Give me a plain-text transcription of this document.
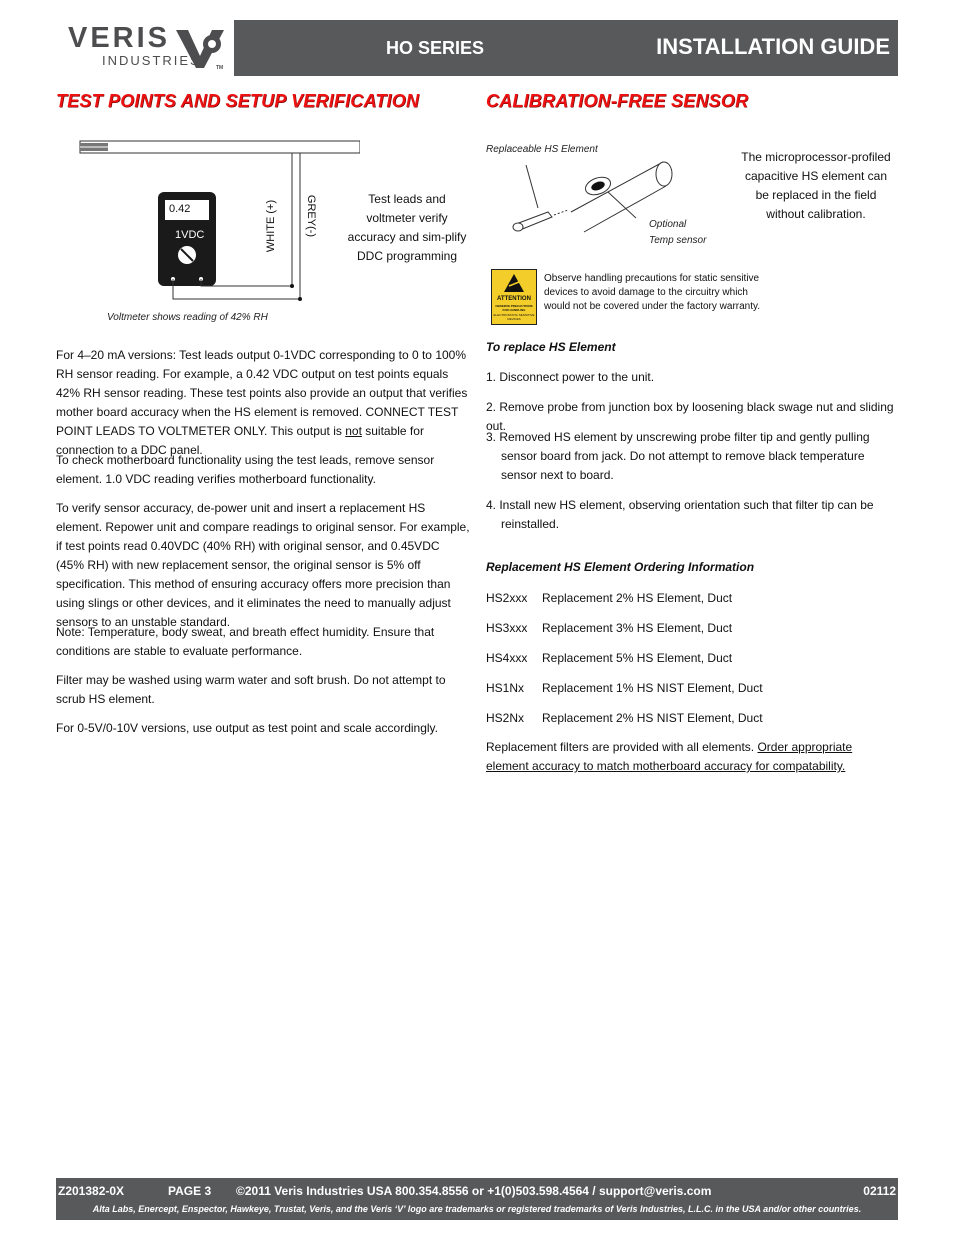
VERIS
INDUSTRIES	TM
HO SERIES	INSTALLATION GUIDE
TEST POINTS AND SETUP VERIFICATION	CALIBRATION-FREE SENSOR
0.42
1VDC	WHITE (+)	GREY(-)	Test leads and voltmeter verify accuracy and sim-plify DDC programming
Voltmeter shows reading of 42% RH
For 4–20 mA versions: Test leads output 0-1VDC corresponding to 0 to 100% RH sensor reading. For example, a 0.42 VDC output on test points equals 42% RH sensor reading. These test points also provide an output that verifies mother board accuracy when the HS element is removed. CONNECT TEST POINT LEADS TO VOLTMETER ONLY. This output is not suitable for connection to a DDC panel.
To check motherboard functionality using the test leads, remove sensor element. 1.0 VDC reading verifies motherboard functionality.
To verify sensor accuracy, de-power unit and insert a replacement HS element. Repower unit and compare readings to original sensor. For example, if test points read 0.40VDC (40% RH) with original sensor, and 0.45VDC (45% RH) with new replacement sensor, the original sensor is 5% off specification. This method of ensuring accuracy offers more precision than using slings or other devices, and it eliminates the need to manually adjust sensors to an unstable standard.
Note: Temperature, body sweat, and breath effect humidity. Ensure that conditions are stable to evaluate performance.
Filter may be washed using warm water and soft brush. Do not attempt to scrub HS element.
For 0-5V/0-10V versions, use output as test point and scale accordingly.
Replaceable HS Element
Optional
Temp sensor
The microprocessor-profiled capacitive HS element can be replaced in the field without calibration.
ATTENTION
OBSERVE PRECAUTIONS FOR HANDLING
ELECTROSTATIC SENSITIVE DEVICES
Observe handling precautions for static sensitive devices to avoid damage to the circuitry which would not be covered under the factory warranty.
To replace HS Element
1. Disconnect power to the unit.
2. Remove probe from junction box by loosening black swage nut and sliding out.
3. Removed HS element by unscrewing probe filter tip and gently pulling sensor board from jack. Do not attempt to remove black temperature sensor next to board.
4. Install new HS element, observing orientation such that filter tip can be reinstalled.
Replacement HS Element Ordering Information
HS2xxx Replacement 2% HS Element, Duct
HS3xxx Replacement 3% HS Element, Duct
HS4xxx Replacement 5% HS Element, Duct
HS1Nx Replacement 1% HS NIST Element, Duct
HS2Nx Replacement 2% HS NIST Element, Duct
Replacement filters are provided with all elements. Order appropriate element accuracy to match motherboard accuracy for compatability.
Z201382-0X	PAGE 3 ©2011 Veris Industries USA 800.354.8556 or +1(0)503.598.4564 / support@veris.com	02112
Alta Labs, Enercept, Enspector, Hawkeye, Trustat, Veris, and the Veris ‘V’ logo are trademarks or registered trademarks of Veris Industries, L.L.C. in the USA and/or other countries.
